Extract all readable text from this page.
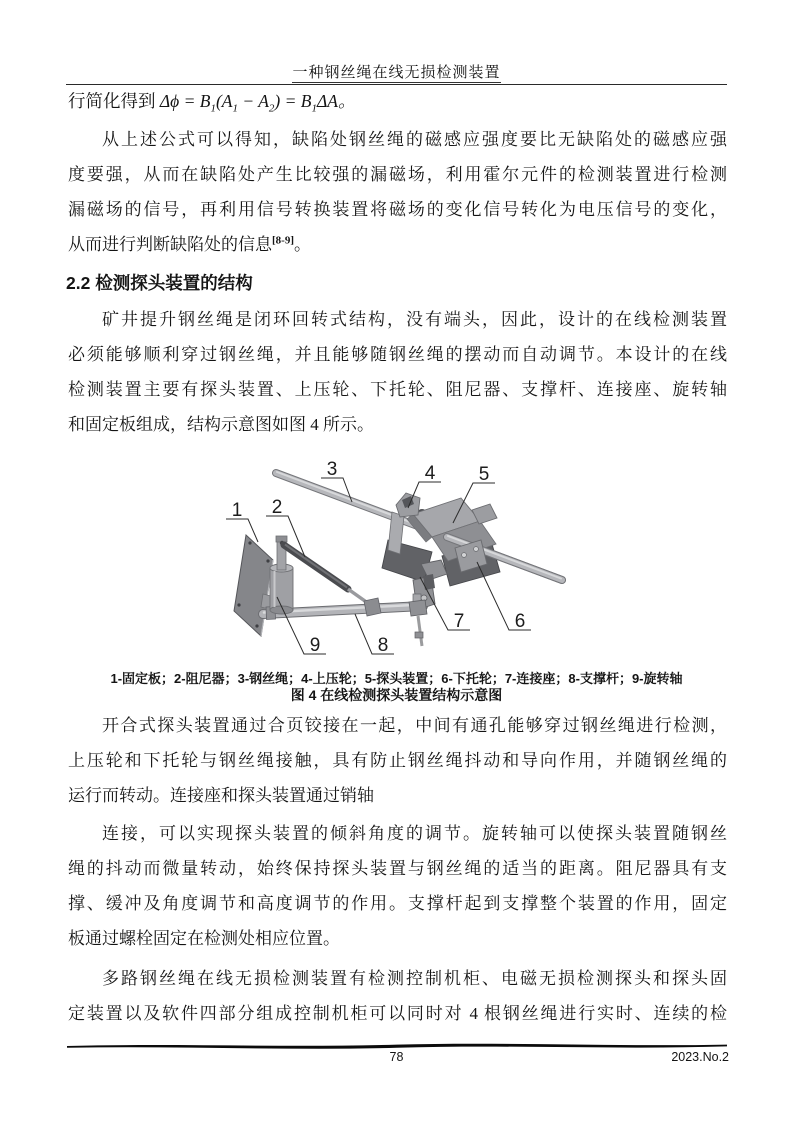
一种钢丝绳在线无损检测装置
行简化得到 $\Delta\phi = B_1(A_1 - A_2) = B_1\Delta A$。
从上述公式可以得知，缺陷处钢丝绳的磁感应强度要比无缺陷处的磁感应强
度要强，从而在缺陷处产生比较强的漏磁场，利用霍尔元件的检测装置进行检测
漏磁场的信号，再利用信号转换装置将磁场的变化信号转化为电压信号的变化，
从而进行判断缺陷处的信息[8-9]。
2.2 检测探头装置的结构
矿井提升钢丝绳是闭环回转式结构，没有端头，因此，设计的在线检测装置
必须能够顺利穿过钢丝绳，并且能够随钢丝绳的摆动而自动调节。本设计的在线
检测装置主要有探头装置、上压轮、下托轮、阻尼器、支撑杆、连接座、旋转轴
和固定板组成，结构示意图如图 4 所示。
1 2
3	4 5
6
7
8
9
1-固定板；2-阻尼器；3-钢丝绳；4-上压轮；5-探头装置；6-下托轮；7-连接座；8-支撑杆；9-旋转轴
图 4 在线检测探头装置结构示意图
开合式探头装置通过合页铰接在一起，中间有通孔能够穿过钢丝绳进行检测，
上压轮和下托轮与钢丝绳接触，具有防止钢丝绳抖动和导向作用，并随钢丝绳的
运行而转动。连接座和探头装置通过销轴
连接，可以实现探头装置的倾斜角度的调节。旋转轴可以使探头装置随钢丝
绳的抖动而微量转动，始终保持探头装置与钢丝绳的适当的距离。阻尼器具有支
撑、缓冲及角度调节和高度调节的作用。支撑杆起到支撑整个装置的作用，固定
板通过螺栓固定在检测处相应位置。
多路钢丝绳在线无损检测装置有检测控制机柜、电磁无损检测探头和探头固
定装置以及软件四部分组成控制机柜可以同时对 4 根钢丝绳进行实时、连续的检
78	2023.No.2
